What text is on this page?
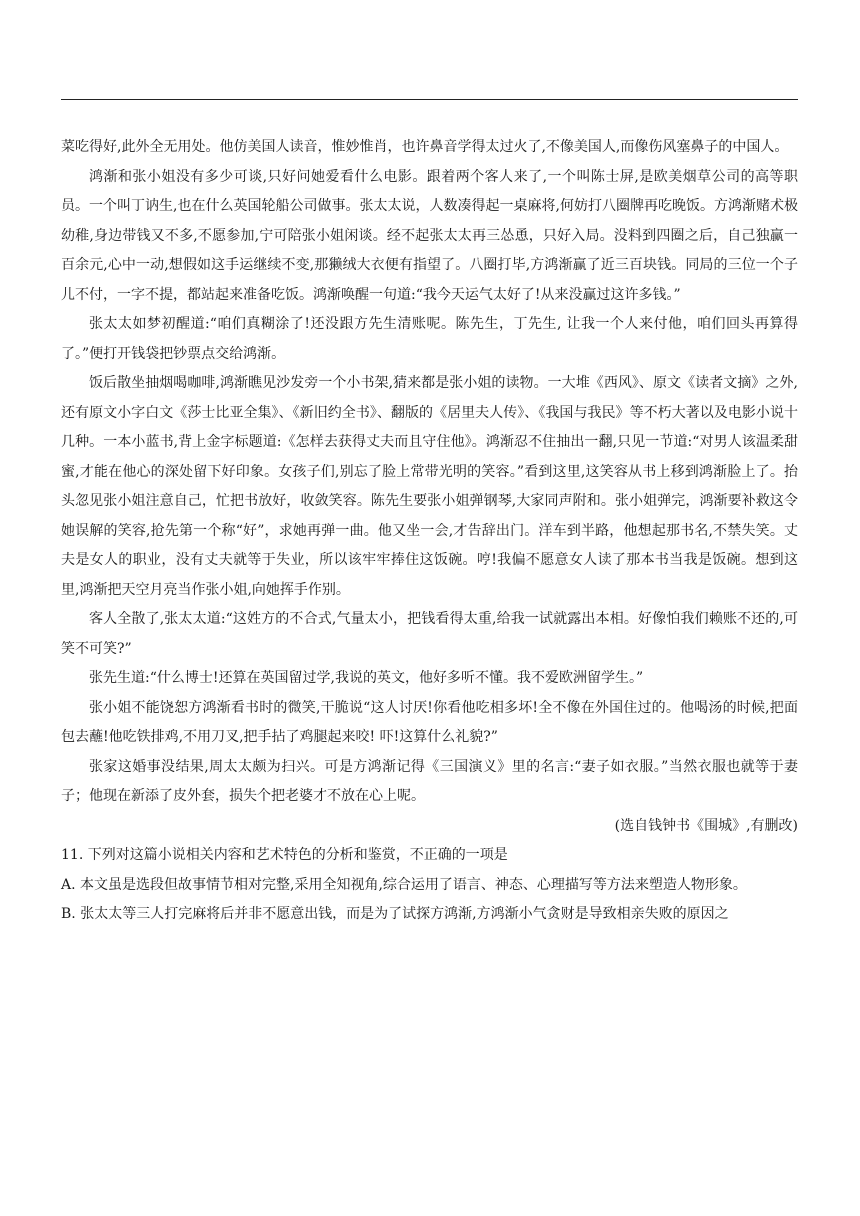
菜吃得好,此外全无用处。他仿美国人读音，惟妙惟肖，也许鼻音学得太过火了,不像美国人,而像伤风塞鼻子的中国人。

鸿渐和张小姐没有多少可谈,只好问她爱看什么电影。跟着两个客人来了,一个叫陈士屏,是欧美烟草公司的高等职员。一个叫丁讷生,也在什么英国轮船公司做事。张太太说，人数凑得起一桌麻将,何妨打八圈牌再吃晚饭。方鸿渐赌术极幼稚,身边带钱又不多,不愿参加,宁可陪张小姐闲谈。经不起张太太再三怂恿，只好入局。没料到四圈之后，自己独赢一百余元,心中一动,想假如这手运继续不变,那獭绒大衣便有指望了。八圈打毕,方鸿渐赢了近三百块钱。同局的三位一个子儿不付，一字不提，都站起来准备吃饭。鸿渐唤醒一句道:“我今天运气太好了!从来没赢过这许多钱。”

张太太如梦初醒道:“咱们真糊涂了!还没跟方先生清账呢。陈先生，丁先生, 让我一个人来付他，咱们回头再算得了。”便打开钱袋把钞票点交给鸿渐。

饭后散坐抽烟喝咖啡,鸿渐瞧见沙发旁一个小书架,猜来都是张小姐的读物。一大堆《西风》、原文《读者文摘》之外,还有原文小字白文《莎士比亚全集》、《新旧约全书》、翻版的《居里夫人传》、《我国与我民》等不朽大著以及电影小说十几种。一本小蓝书,背上金字标题道:《怎样去获得丈夫而且守住他》。鸿渐忍不住抽出一翻,只见一节道:“对男人该温柔甜蜜,才能在他心的深处留下好印象。女孩子们,别忘了脸上常带光明的笑容。”看到这里,这笑容从书上移到鸿渐脸上了。抬头忽见张小姐注意自己，忙把书放好，收敛笑容。陈先生要张小姐弹钢琴,大家同声附和。张小姐弹完，鸿渐要补救这令她误解的笑容,抢先第一个称“好”，求她再弹一曲。他又坐一会,才告辞出门。洋车到半路，他想起那书名,不禁失笑。丈夫是女人的职业，没有丈夫就等于失业，所以该牢牢捧住这饭碗。哼!我偏不愿意女人读了那本书当我是饭碗。想到这里,鸿渐把天空月亮当作张小姐,向她挥手作别。

客人全散了,张太太道:“这姓方的不合式,气量太小，把钱看得太重,给我一试就露出本相。好像怕我们赖账不还的,可笑不可笑?”

张先生道:“什么博士!还算在英国留过学,我说的英文，他好多听不懂。我不爱欧洲留学生。”

张小姐不能饶恕方鸿渐看书时的微笑,干脆说“这人讨厌!你看他吃相多坏!全不像在外国住过的。他喝汤的时候,把面包去蘸!他吃铁排鸡,不用刀叉,把手拈了鸡腿起来咬! 吓!这算什么礼貌?”

张家这婚事没结果,周太太颇为扫兴。可是方鸿渐记得《三国演义》里的名言:“妻子如衣服。”当然衣服也就等于妻子；他现在新添了皮外套，损失个把老婆才不放在心上呢。

(选自钱钟书《围城》,有删改)

11. 下列对这篇小说相关内容和艺术特色的分析和鉴赏，不正确的一项是

A. 本文虽是选段但故事情节相对完整,采用全知视角,综合运用了语言、神态、心理描写等方法来塑造人物形象。

B. 张太太等三人打完麻将后并非不愿意出钱，而是为了试探方鸿渐,方鸿渐小气贪财是导致相亲失败的原因之
